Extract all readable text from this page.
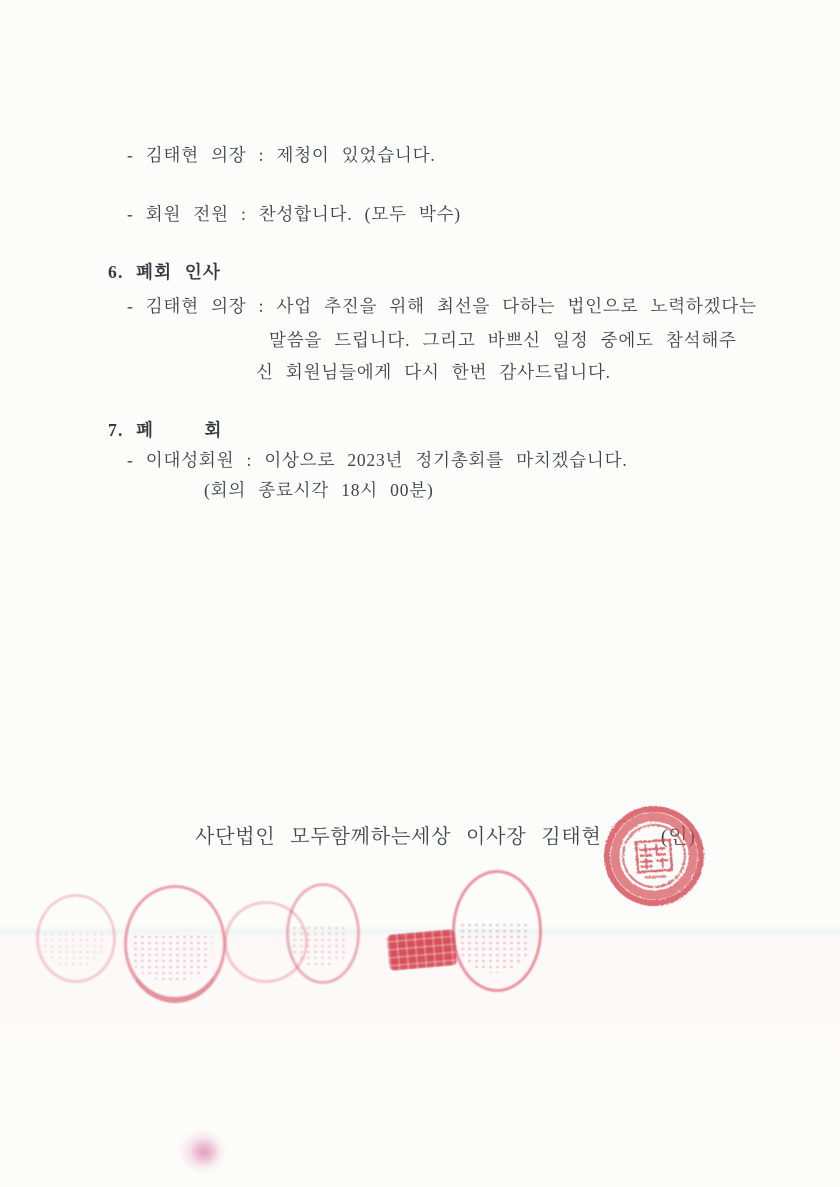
- 김태현 의장 : 제청이 있었습니다.
- 회원 전원 : 찬성합니다. (모두 박수)
6. 폐회 인사
- 김태현 의장 : 사업 추진을 위해 최선을 다하는 법인으로 노력하겠다는
말씀을 드립니다. 그리고 바쁘신 일정 중에도 참석해주
신 회원님들에게 다시 한번 감사드립니다.
7. 폐    회
- 이대성회원 : 이상으로 2023년 정기총회를 마치겠습니다.
(회의 종료시각 18시 00분)
사단법인 모두함께하는세상 이사장 김태현    (인)
